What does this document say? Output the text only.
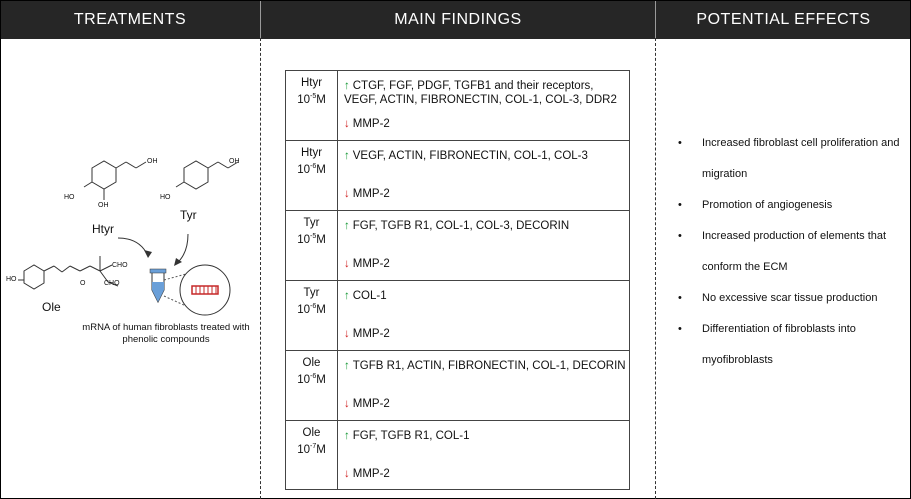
TREATMENTS	MAIN FINDINGS	POTENTIAL EFFECTS
OH
HO
OH
OH
HO
HO
CHO
CHO
O
Htyr
Tyr
Ole
mRNA of human fibroblasts treated with phenolic compounds
Htyr
$10^{-5}M$
↑ CTGF, FGF, PDGF, TGFB1 and their receptors, VEGF, ACTIN, FIBRONECTIN, COL-1, COL-3, DDR2
↓ MMP-2
Htyr
$10^{-6}M$
↑ VEGF, ACTIN, FIBRONECTIN, COL-1, COL-3
↓ MMP-2
Tyr
$10^{-5}M$
↑ FGF, TGFB R1, COL-1, COL-3, DECORIN
↓ MMP-2
Tyr
$10^{-6}M$
↑ COL-1
↓ MMP-2
Ole
$10^{-6}M$
↑ TGFB R1, ACTIN, FIBRONECTIN, COL-1, DECORIN
↓ MMP-2
Ole
$10^{-7}M$
↑ FGF, TGFB R1, COL-1
↓ MMP-2
• Increased fibroblast cell proliferation and migration
• Promotion of angiogenesis
• Increased production of elements that conform the ECM
• No excessive scar tissue production
• Differentiation of fibroblasts into myofibroblasts
